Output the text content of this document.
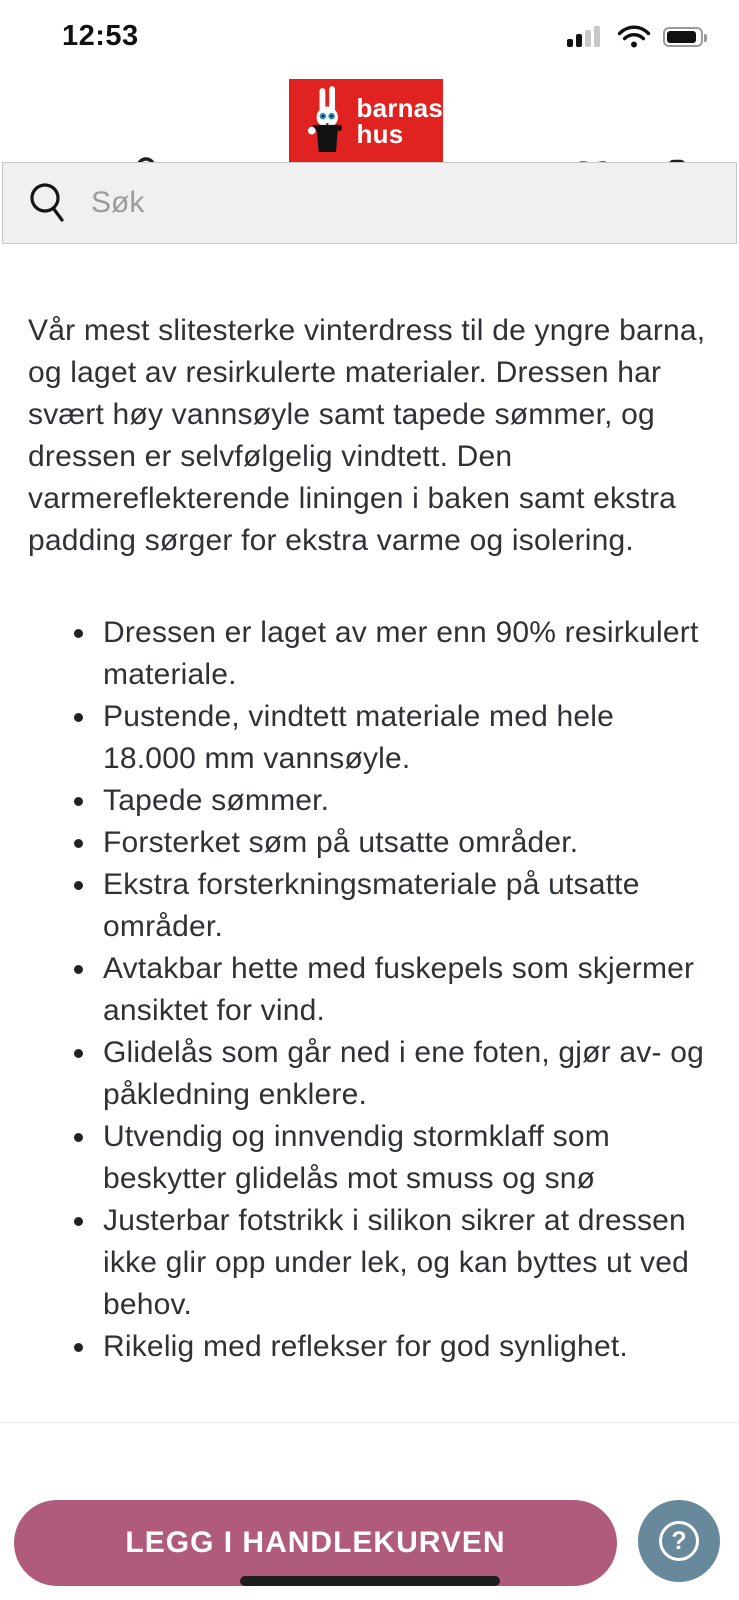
12:53
barnas
hus
Søk

Vår mest slitesterke vinterdress til de yngre barna, og laget av resirkulerte materialer. Dressen har svært høy vannsøyle samt tapede sømmer, og dressen er selvfølgelig vindtett. Den varmereflekterende liningen i baken samt ekstra padding sørger for ekstra varme og isolering.

Dressen er laget av mer enn 90% resirkulert materiale.
Pustende, vindtett materiale med hele 18.000 mm vannsøyle.
Tapede sømmer.
Forsterket søm på utsatte områder.
Ekstra forsterkningsmateriale på utsatte områder.
Avtakbar hette med fuskepels som skjermer ansiktet for vind.
Glidelås som går ned i ene foten, gjør av- og påkledning enklere.
Utvendig og innvendig stormklaff som beskytter glidelås mot smuss og snø
Justerbar fotstrikk i silikon sikrer at dressen ikke glir opp under lek, og kan byttes ut ved behov.
Rikelig med reflekser for god synlighet.
LEGG I HANDLEKURVEN	?
